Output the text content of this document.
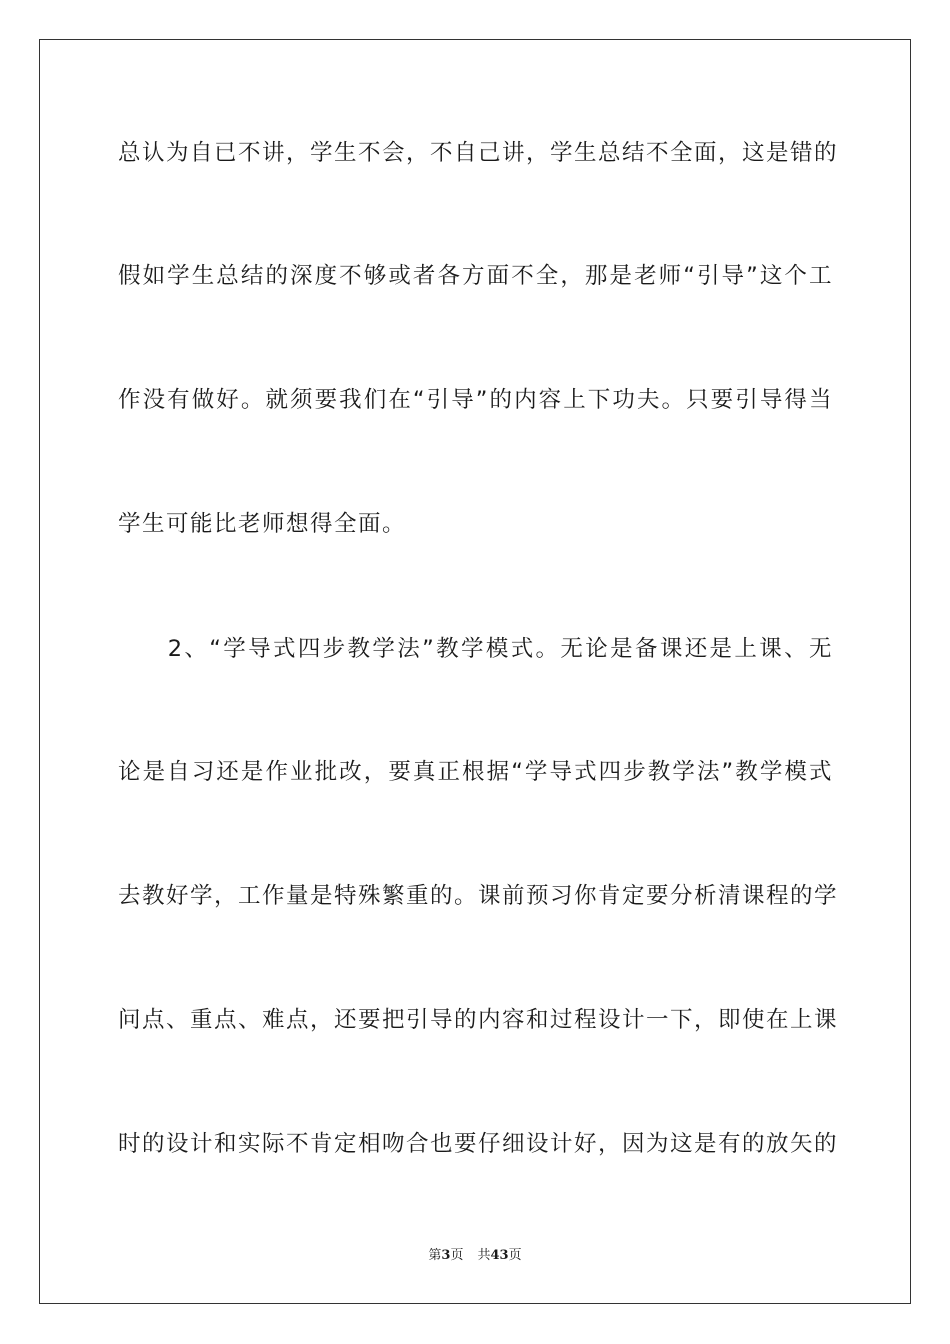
总认为自已不讲，学生不会，不自己讲，学生总结不全面，这是错的
假如学生总结的深度不够或者各方面不全，那是老师“引导”这个工
作没有做好。就须要我们在“引导”的内容上下功夫。只要引导得当
学生可能比老师想得全面。
　　2、“学导式四步教学法”教学模式。无论是备课还是上课、无
论是自习还是作业批改，要真正根据“学导式四步教学法”教学模式
去教好学，工作量是特殊繁重的。课前预习你肯定要分析清课程的学
问点、重点、难点，还要把引导的内容和过程设计一下，即使在上课
时的设计和实际不肯定相吻合也要仔细设计好，因为这是有的放矢的
第3页 共43页
